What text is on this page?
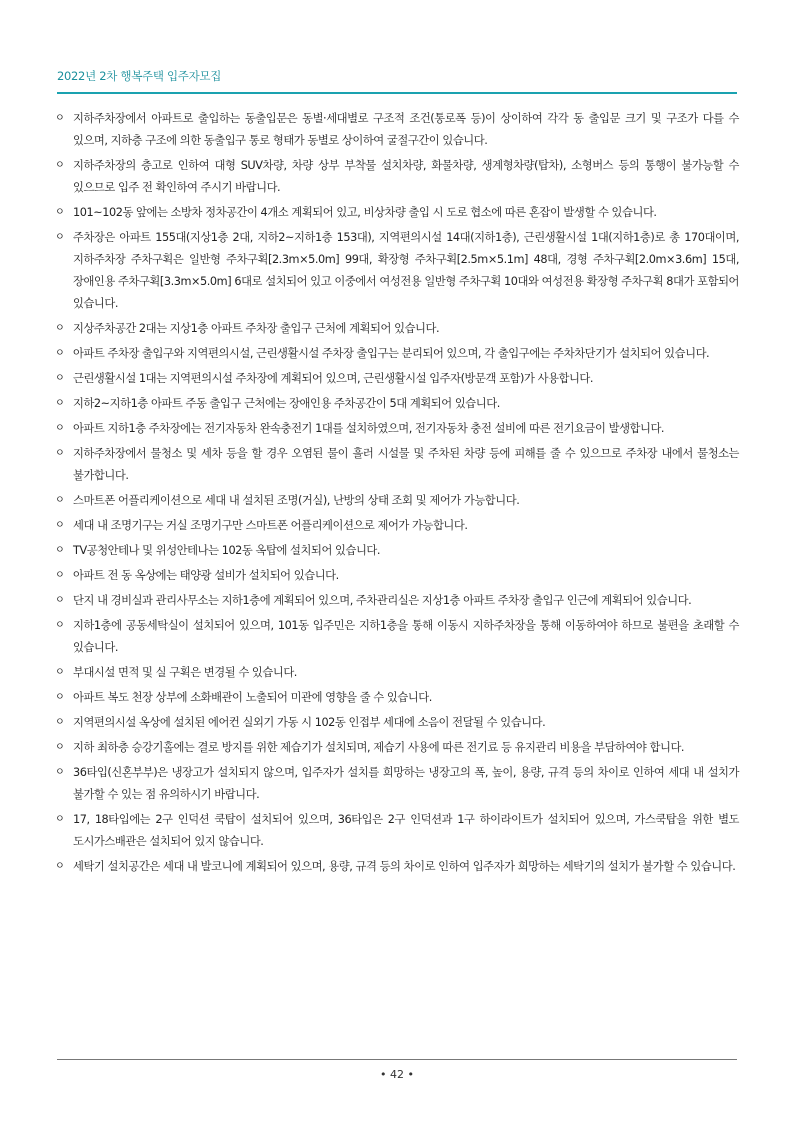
2022년 2차 행복주택 입주자모집
ㅇ 지하주차장에서 아파트로 출입하는 동출입문은 동별·세대별로 구조적 조건(통로폭 등)이 상이하여 각각 동 출입문 크기 및 구조가 다를 수 있으며, 지하층 구조에 의한 동출입구 통로 형태가 동별로 상이하여 굴절구간이 있습니다.
ㅇ 지하주차장의 층고로 인하여 대형 SUV차량, 차량 상부 부착물 설치차량, 화물차량, 생계형차량(탑차), 소형버스 등의 통행이 불가능할 수 있으므로 입주 전 확인하여 주시기 바랍니다.
ㅇ 101~102동 앞에는 소방차 정차공간이 4개소 계획되어 있고, 비상차량 출입 시 도로 협소에 따른 혼잡이 발생할 수 있습니다.
ㅇ 주차장은 아파트 155대(지상1층 2대, 지하2~지하1층 153대), 지역편의시설 14대(지하1층), 근린생활시설 1대(지하1층)로 총 170대이며, 지하주차장 주차구획은 일반형 주차구획[2.3m×5.0m] 99대, 확장형 주차구획[2.5m×5.1m] 48대, 경형 주차구획[2.0m×3.6m] 15대, 장애인용 주차구획[3.3m×5.0m] 6대로 설치되어 있고 이중에서 여성전용 일반형 주차구획 10대와 여성전용 확장형 주차구획 8대가 포함되어 있습니다.
ㅇ 지상주차공간 2대는 지상1층 아파트 주차장 출입구 근처에 계획되어 있습니다.
ㅇ 아파트 주차장 출입구와 지역편의시설, 근린생활시설 주차장 출입구는 분리되어 있으며, 각 출입구에는 주차차단기가 설치되어 있습니다.
ㅇ 근린생활시설 1대는 지역편의시설 주차장에 계획되어 있으며, 근린생활시설 입주자(방문객 포함)가 사용합니다.
ㅇ 지하2~지하1층 아파트 주동 출입구 근처에는 장애인용 주차공간이 5대 계획되어 있습니다.
ㅇ 아파트 지하1층 주차장에는 전기자동차 완속충전기 1대를 설치하였으며, 전기자동차 충전 설비에 따른 전기요금이 발생합니다.
ㅇ 지하주차장에서 물청소 및 세차 등을 할 경우 오염된 물이 흘러 시설물 및 주차된 차량 등에 피해를 줄 수 있으므로 주차장 내에서 물청소는 불가합니다.
ㅇ 스마트폰 어플리케이션으로 세대 내 설치된 조명(거실), 난방의 상태 조회 및 제어가 가능합니다.
ㅇ 세대 내 조명기구는 거실 조명기구만 스마트폰 어플리케이션으로 제어가 가능합니다.
ㅇ TV공청안테나 및 위성안테나는 102동 옥탑에 설치되어 있습니다.
ㅇ 아파트 전 동 옥상에는 태양광 설비가 설치되어 있습니다.
ㅇ 단지 내 경비실과 관리사무소는 지하1층에 계획되어 있으며, 주차관리실은 지상1층 아파트 주차장 출입구 인근에 계획되어 있습니다.
ㅇ 지하1층에 공동세탁실이 설치되어 있으며, 101동 입주민은 지하1층을 통해 이동시 지하주차장을 통해 이동하여야 하므로 불편을 초래할 수 있습니다.
ㅇ 부대시설 면적 및 실 구획은 변경될 수 있습니다.
ㅇ 아파트 복도 천장 상부에 소화배관이 노출되어 미관에 영향을 줄 수 있습니다.
ㅇ 지역편의시설 옥상에 설치된 에어컨 실외기 가동 시 102동 인접부 세대에 소음이 전달될 수 있습니다.
ㅇ 지하 최하층 승강기홀에는 결로 방지를 위한 제습기가 설치되며, 제습기 사용에 따른 전기료 등 유지관리 비용을 부담하여야 합니다.
ㅇ 36타입(신혼부부)은 냉장고가 설치되지 않으며, 입주자가 설치를 희망하는 냉장고의 폭, 높이, 용량, 규격 등의 차이로 인하여 세대 내 설치가 불가할 수 있는 점 유의하시기 바랍니다.
ㅇ 17, 18타입에는 2구 인덕션 쿡탑이 설치되어 있으며, 36타입은 2구 인덕션과 1구 하이라이트가 설치되어 있으며, 가스쿡탑을 위한 별도 도시가스배관은 설치되어 있지 않습니다.
ㅇ 세탁기 설치공간은 세대 내 발코니에 계획되어 있으며, 용량, 규격 등의 차이로 인하여 입주자가 희망하는 세탁기의 설치가 불가할 수 있습니다.
• 42 •
